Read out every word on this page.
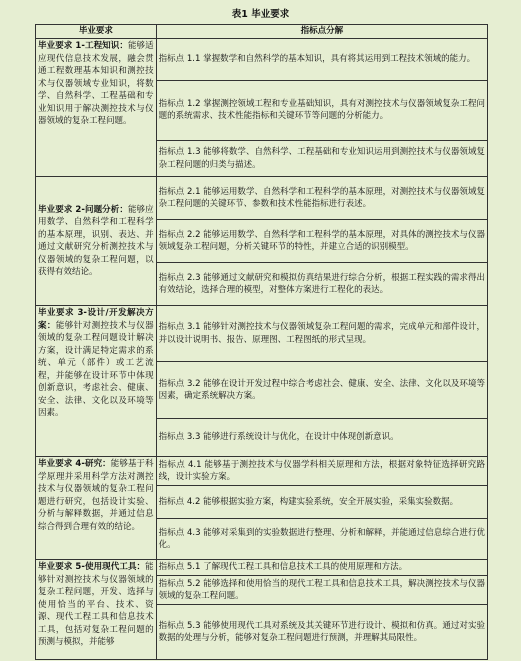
表1 毕业要求
毕业要求	指标点分解
毕业要求 1-工程知识：能够适应现代信息技术发展，融会贯通工程数理基本知识和测控技术与仪器领域专业知识，将数学、自然科学、工程基础和专业知识用于解决测控技术与仪器领域的复杂工程问题。	指标点 1.1 掌握数学和自然科学的基本知识，具有将其运用到工程技术领域的能力。
	指标点 1.2 掌握测控领域工程和专业基础知识，具有对测控技术与仪器领域复杂工程问题的系统需求、技术性能指标和关键环节等问题的分析能力。
	指标点 1.3 能够将数学、自然科学、工程基础和专业知识运用到测控技术与仪器领域复杂工程问题的归类与描述。
毕业要求 2-问题分析：能够应用数学、自然科学和工程科学的基本原理，识别、表达、并通过文献研究分析测控技术与仪器领域的复杂工程问题，以获得有效结论。	指标点 2.1 能够运用数学、自然科学和工程科学的基本原理，对测控技术与仪器领域复杂工程问题的关键环节、参数和技术性能指标进行表述。
	指标点 2.2 能够运用数学、自然科学和工程科学的基本原理，对具体的测控技术与仪器领域复杂工程问题，分析关键环节的特性，并建立合适的识别模型。
	指标点 2.3 能够通过文献研究和模拟仿真结果进行综合分析，根据工程实践的需求得出有效结论，选择合理的模型，对整体方案进行工程化的表达。
毕业要求 3-设计/开发解决方案：能够针对测控技术与仪器领域的复杂工程问题设计解决方案，设计满足特定需求的系统、单元（部件）或工艺流程，并能够在设计环节中体现创新意识，考虑社会、健康、安全、法律、文化以及环境等因素。	指标点 3.1 能够针对测控技术与仪器领域复杂工程问题的需求，完成单元和部件设计，并以设计说明书、报告、原理图、工程图纸的形式呈现。
	指标点 3.2 能够在设计开发过程中综合考虑社会、健康、安全、法律、文化以及环境等因素，确定系统解决方案。
	指标点 3.3 能够进行系统设计与优化，在设计中体现创新意识。
毕业要求 4-研究：能够基于科学原理并采用科学方法对测控技术与仪器领域的复杂工程问题进行研究，包括设计实验、分析与解释数据，并通过信息综合得到合理有效的结论。	指标点 4.1 能够基于测控技术与仪器学科相关原理和方法，根据对象特征选择研究路线，设计实验方案。
	指标点 4.2 能够根据实验方案，构建实验系统，安全开展实验，采集实验数据。
	指标点 4.3 能够对采集到的实验数据进行整理、分析和解释，并能通过信息综合进行优化。
毕业要求 5-使用现代工具：能够针对测控技术与仪器领域的复杂工程问题，开发、选择与使用恰当的平台、技术、资源、现代工程工具和信息技术工具，包括对复杂工程问题的预测与模拟，并能够	指标点 5.1 了解现代工程工具和信息技术工具的使用原理和方法。
	指标点 5.2 能够选择和使用恰当的现代工程工具和信息技术工具，解决测控技术与仪器领域的复杂工程问题。
	指标点 5.3 能够使用现代工具对系统及其关键环节进行设计、模拟和仿真。通过对实验数据的处理与分析，能够对复杂工程问题进行预测，并理解其局限性。
